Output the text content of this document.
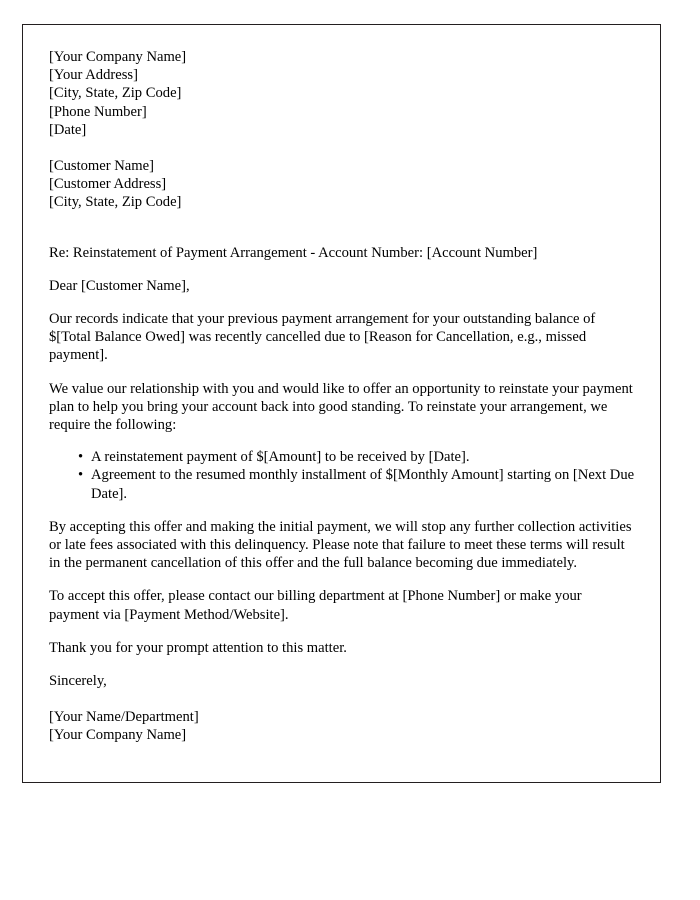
[Your Company Name]
[Your Address]
[City, State, Zip Code]
[Phone Number]
[Date]
[Customer Name]
[Customer Address]
[City, State, Zip Code]
Re: Reinstatement of Payment Arrangement - Account Number: [Account Number]
Dear [Customer Name],

Our records indicate that your previous payment arrangement for your outstanding balance of $[Total Balance Owed] was recently cancelled due to [Reason for Cancellation, e.g., missed payment].

We value our relationship with you and would like to offer an opportunity to reinstate your payment plan to help you bring your account back into good standing. To reinstate your arrangement, we require the following:

• A reinstatement payment of $[Amount] to be received by [Date].
• Agreement to the resumed monthly installment of $[Monthly Amount] starting on [Next Due Date].

By accepting this offer and making the initial payment, we will stop any further collection activities or late fees associated with this delinquency. Please note that failure to meet these terms will result in the permanent cancellation of this offer and the full balance becoming due immediately.

To accept this offer, please contact our billing department at [Phone Number] or make your payment via [Payment Method/Website].

Thank you for your prompt attention to this matter.
Sincerely,
[Your Name/Department]
[Your Company Name]
